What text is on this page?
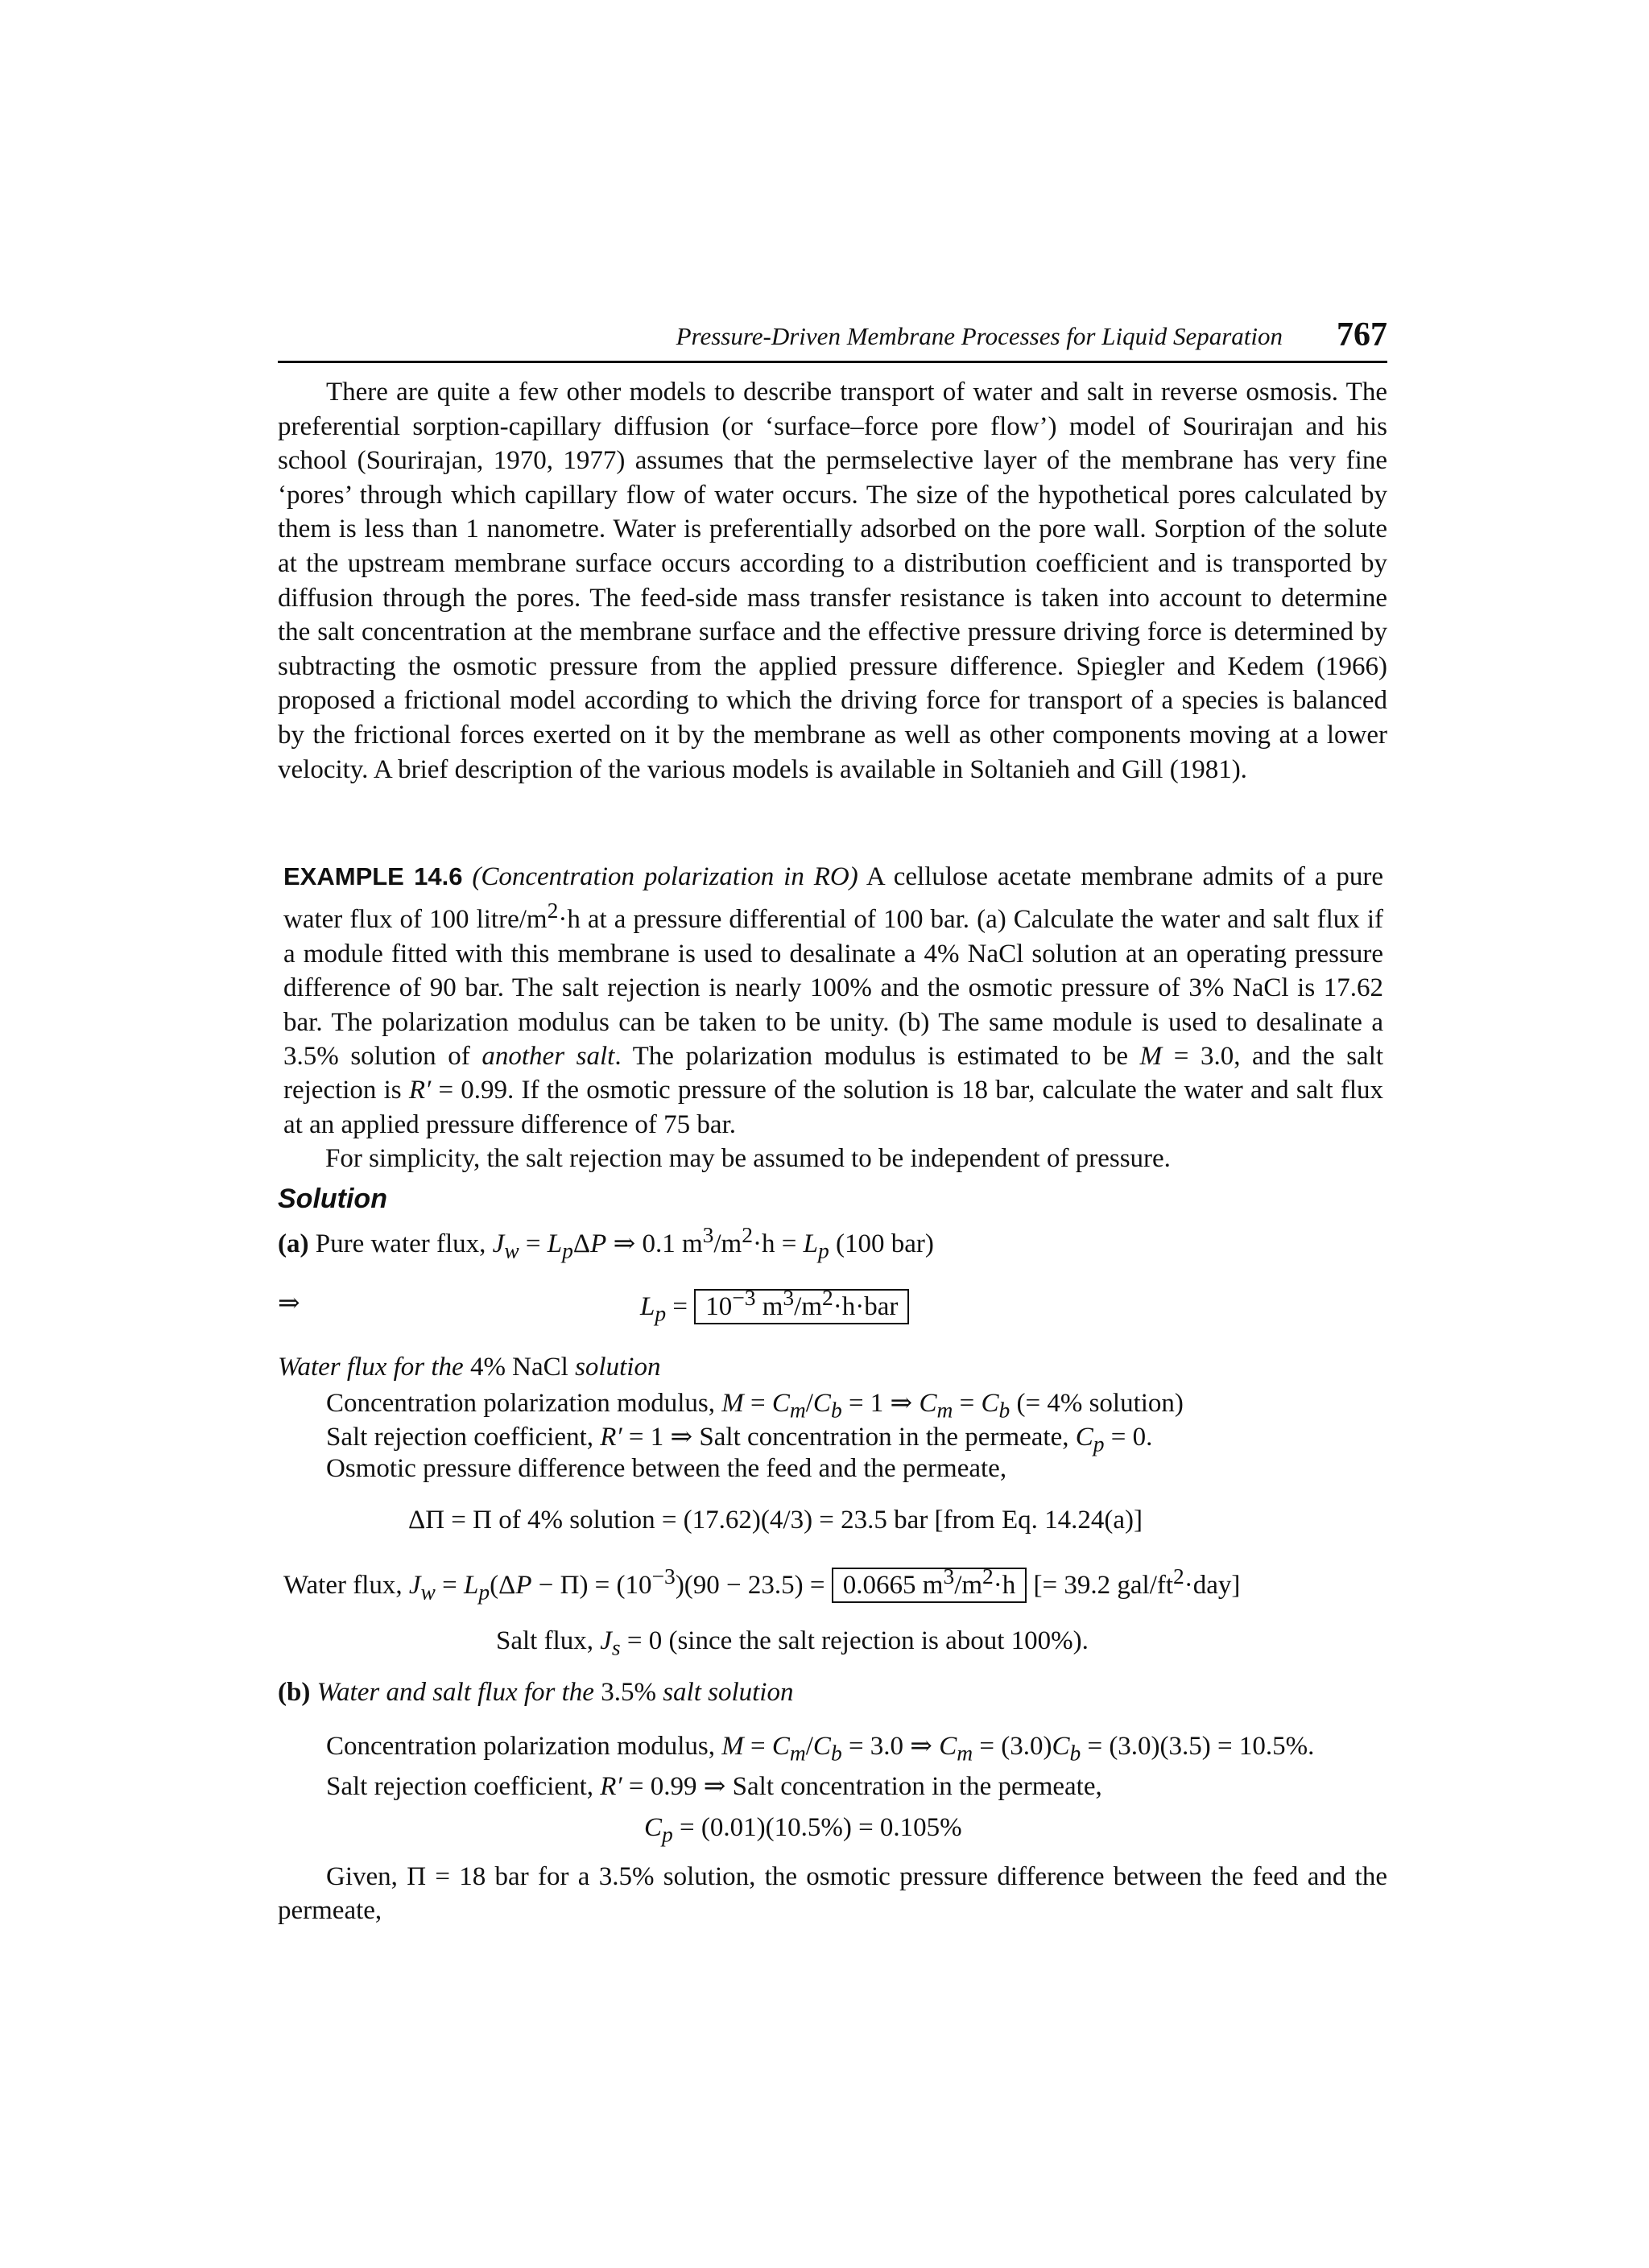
Pressure-Driven Membrane Processes for Liquid Separation 767

There are quite a few other models to describe transport of water and salt in reverse osmosis. The preferential sorption-capillary diffusion (or ‘surface–force pore flow’) model of Sourirajan and his school (Sourirajan, 1970, 1977) assumes that the permselective layer of the membrane has very fine ‘pores’ through which capillary flow of water occurs. The size of the hypothetical pores calculated by them is less than 1 nanometre. Water is preferentially adsorbed on the pore wall. Sorption of the solute at the upstream membrane surface occurs according to a distribution coefficient and is transported by diffusion through the pores. The feed-side mass transfer resistance is taken into account to determine the salt concentration at the membrane surface and the effective pressure driving force is determined by subtracting the osmotic pressure from the applied pressure difference. Spiegler and Kedem (1966) proposed a frictional model according to which the driving force for transport of a species is balanced by the frictional forces exerted on it by the membrane as well as other components moving at a lower velocity. A brief description of the various models is available in Soltanieh and Gill (1981).

EXAMPLE 14.6 (Concentration polarization in RO) A cellulose acetate membrane admits of a pure water flux of 100 litre/$m^2\cdot h$ at a pressure differential of 100 bar. (a) Calculate the water and salt flux if a module fitted with this membrane is used to desalinate a 4% NaCl solution at an operating pressure difference of 90 bar. The salt rejection is nearly 100% and the osmotic pressure of 3% NaCl is 17.62 bar. The polarization modulus can be taken to be unity. (b) The same module is used to desalinate a 3.5% solution of another salt. The polarization modulus is estimated to be M = 3.0, and the salt rejection is R′ = 0.99. If the osmotic pressure of the solution is 18 bar, calculate the water and salt flux at an applied pressure difference of 75 bar.

For simplicity, the salt rejection may be assumed to be independent of pressure.

Solution
(a) Pure water flux, $J_w = L_p\Delta P$ ⇒ 0.1 $m^3/m^2\cdot h = L_p$ (100 bar)
⇒	$L_p = 10^{-3}$ $m^3/m^2\cdot h\cdot bar$
Water flux for the 4% NaCl solution
Concentration polarization modulus, $M = C_m/C_b = 1$ ⇒ $C_m = C_b$ (= 4% solution)
Salt rejection coefficient, R′ = 1 ⇒ Salt concentration in the permeate, $C_p = 0$.
Osmotic pressure difference between the feed and the permeate,
ΔΠ = Π of 4% solution = (17.62)(4/3) = 23.5 bar [from Eq. 14.24(a)]
Water flux, $J_w = L_p(\Delta P - \Pi) = (10^{-3})(90 - 23.5) = 0.0665$ $m^3/m^2\cdot h$ [= 39.2 gal/$ft^2\cdot day$]
Salt flux, $J_s = 0$ (since the salt rejection is about 100%).
(b) Water and salt flux for the 3.5% salt solution
Concentration polarization modulus, $M = C_m/C_b = 3.0$ ⇒ $C_m = (3.0)C_b = (3.0)(3.5) = 10.5\%$.
Salt rejection coefficient, R′ = 0.99 ⇒ Salt concentration in the permeate,
$C_p = (0.01)(10.5\%) = 0.105\%$

Given, Π = 18 bar for a 3.5% solution, the osmotic pressure difference between the feed and the permeate,
